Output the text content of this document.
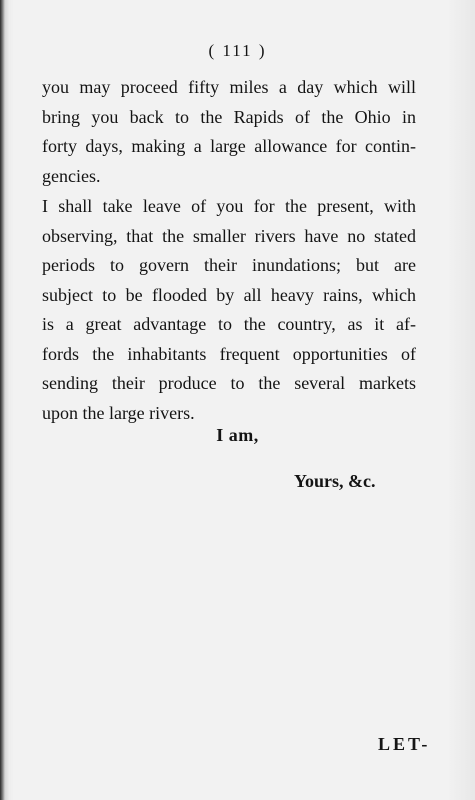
( 111 )
you may proceed fifty miles a day which will
bring you back to the Rapids of the Ohio in
forty days, making a large allowance for contin-
gencies.
I shall take leave of you for the present, with
observing, that the smaller rivers have no stated
periods to govern their inundations; but are
subject to be flooded by all heavy rains, which
is a great advantage to the country, as it af-
fords the inhabitants frequent opportunities of
sending their produce to the several markets
upon the large rivers.
I am,
Yours, &c.
LET-
